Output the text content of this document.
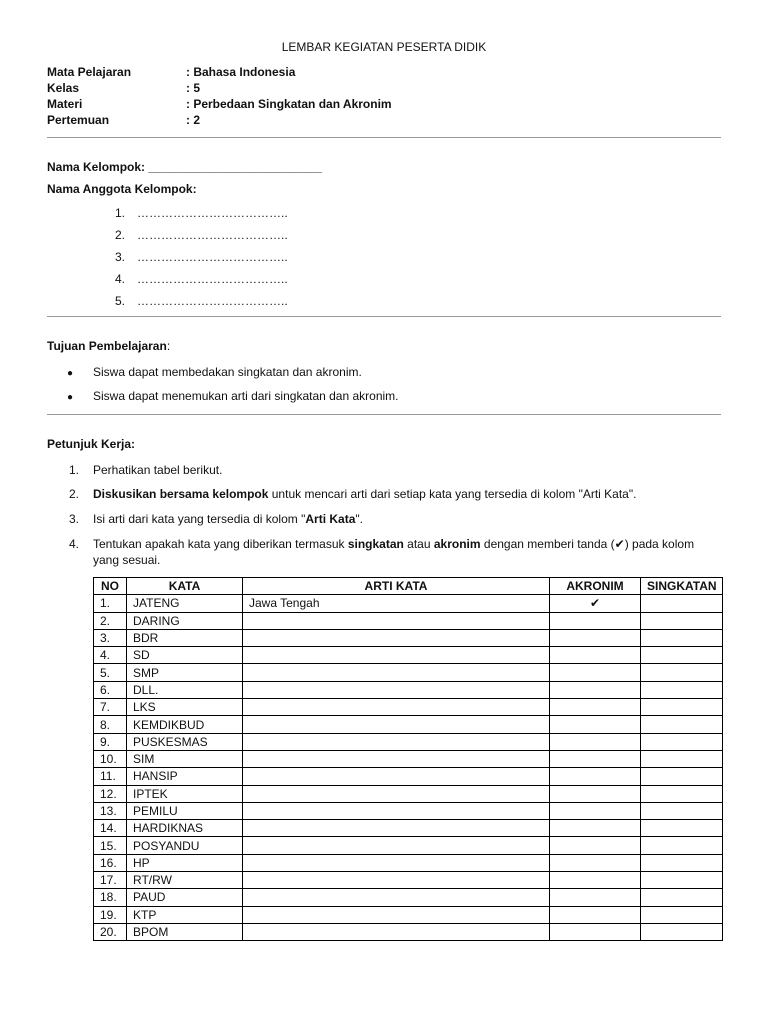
LEMBAR KEGIATAN PESERTA DIDIK
Mata Pelajaran	: Bahasa Indonesia
Kelas	: 5
Materi	: Perbedaan Singkatan dan Akronim
Pertemuan	: 2
Nama Kelompok: __________________________
Nama Anggota Kelompok:
1. ………………………………..
2. ………………………………..
3. ………………………………..
4. ………………………………..
5. ………………………………..
Tujuan Pembelajaran:
● Siswa dapat membedakan singkatan dan akronim.
● Siswa dapat menemukan arti dari singkatan dan akronim.
Petunjuk Kerja:
1.	Perhatikan tabel berikut.
2.	Diskusikan bersama kelompok untuk mencari arti dari setiap kata yang tersedia di kolom "Arti Kata".
3.	Isi arti dari kata yang tersedia di kolom "Arti Kata".
4.	Tentukan apakah kata yang diberikan termasuk singkatan atau akronim dengan memberi tanda (✔) pada kolom yang sesuai.
NO	KATA	ARTI KATA	AKRONIM	SINGKATAN
1.	JATENG	Jawa Tengah	✔	
2.	DARING			
3.	BDR			
4.	SD			
5.	SMP			
6.	DLL.			
7.	LKS			
8.	KEMDIKBUD			
9.	PUSKESMAS			
10.	SIM			
11.	HANSIP			
12.	IPTEK			
13.	PEMILU			
14.	HARDIKNAS			
15.	POSYANDU			
16.	HP			
17.	RT/RW			
18.	PAUD			
19.	KTP			
20.	BPOM			
